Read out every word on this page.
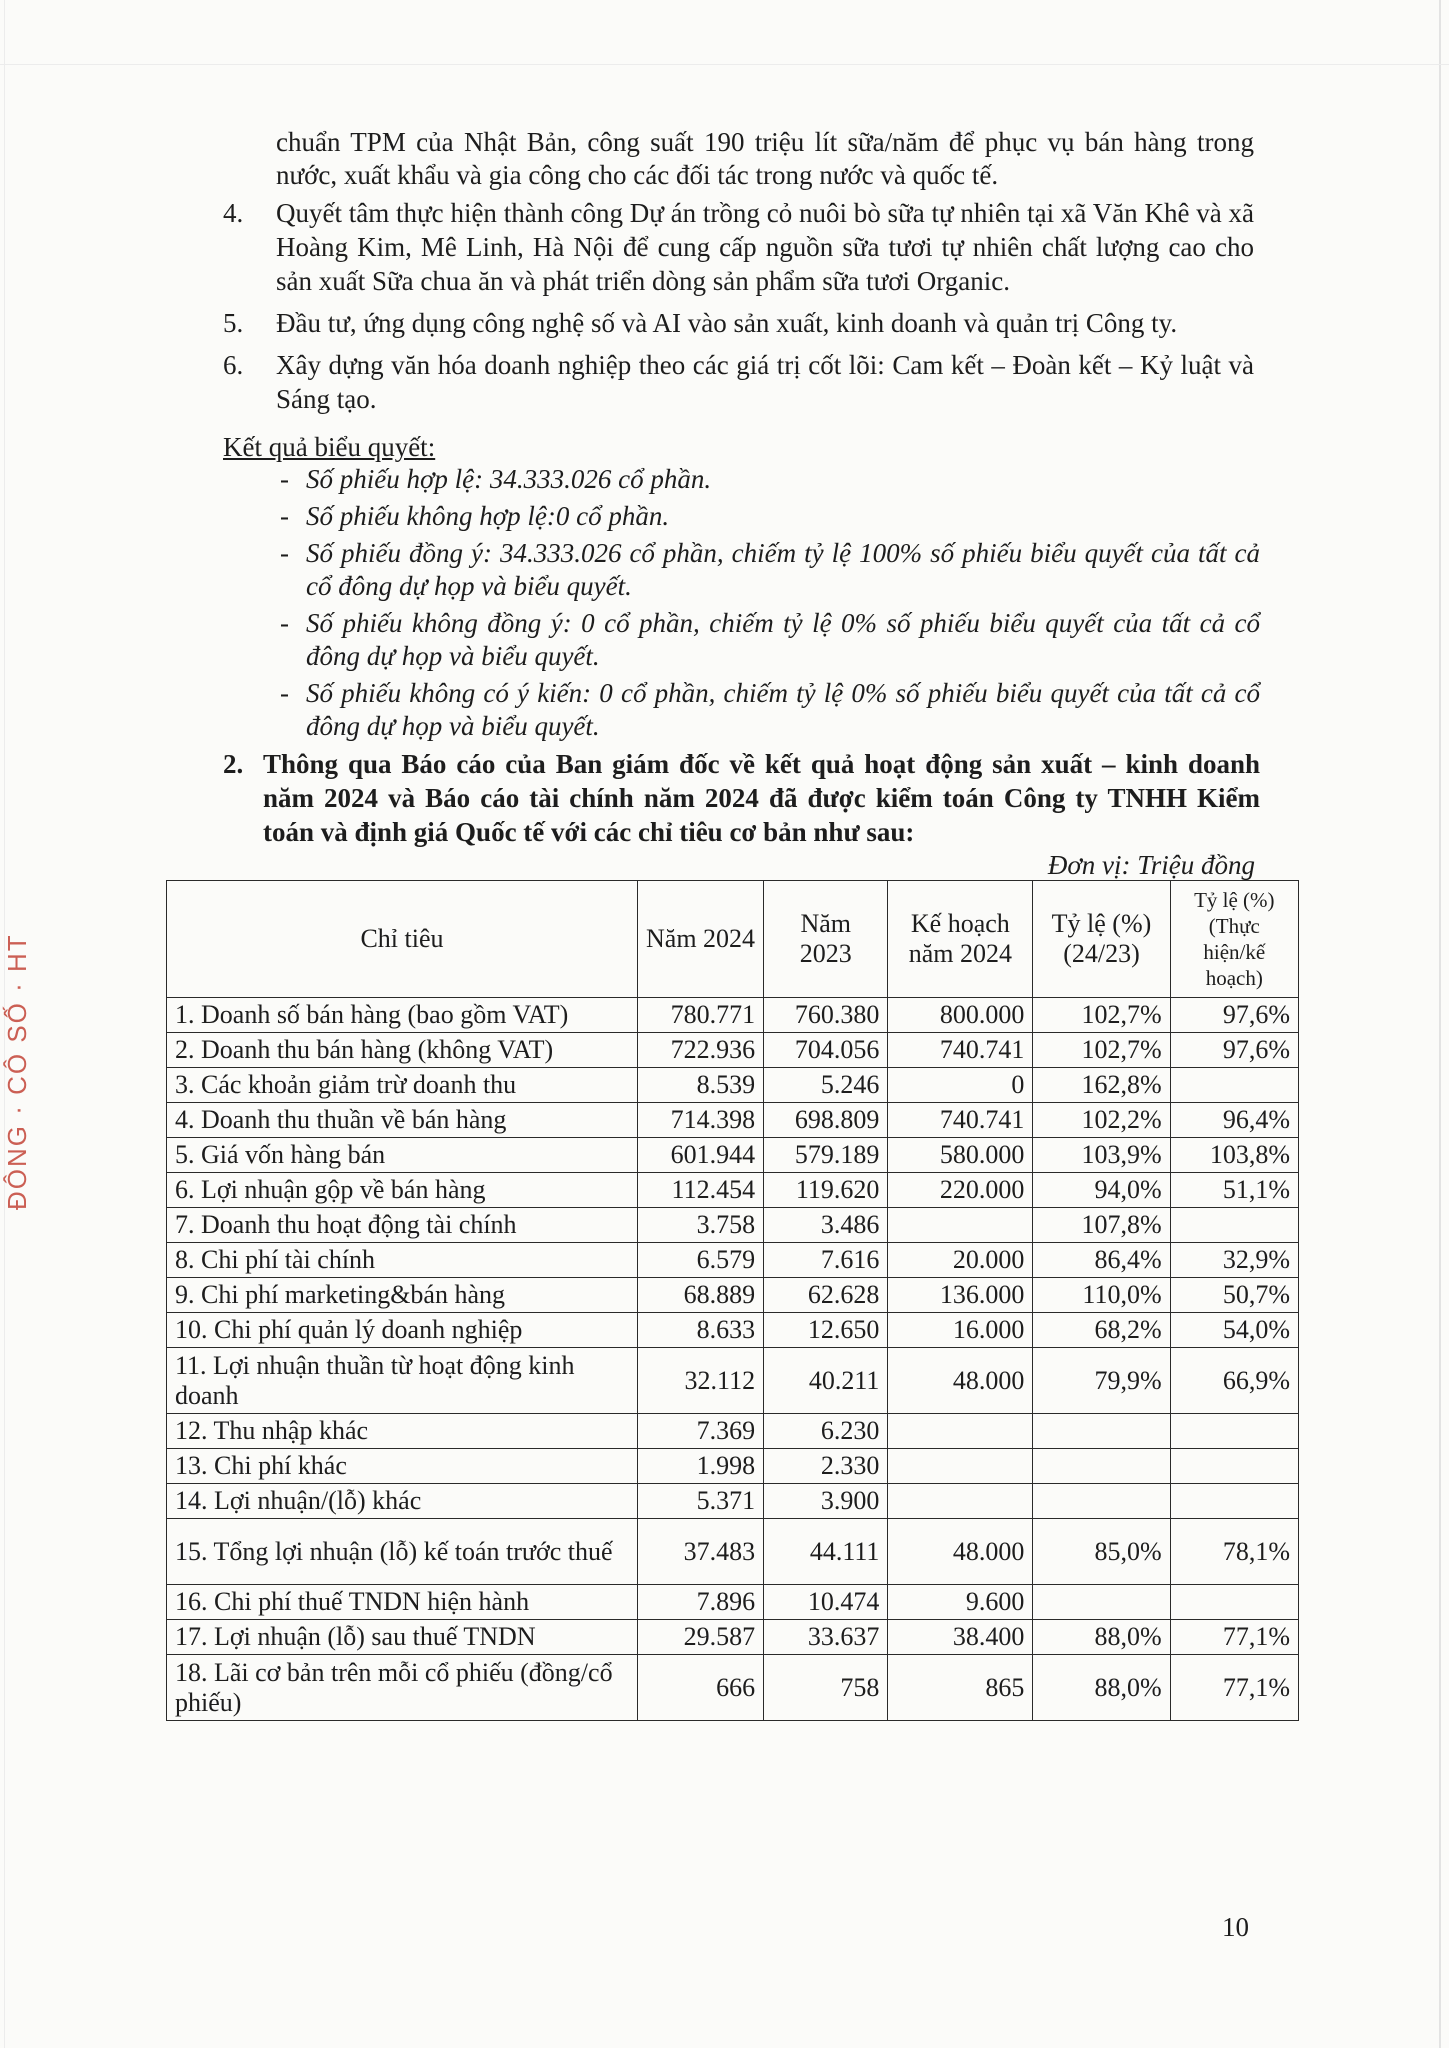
ĐÔNG · CÔ SỐ · HT
chuẩn TPM của Nhật Bản, công suất 190 triệu lít sữa/năm để phục vụ bán hàng trong nước, xuất khẩu và gia công cho các đối tác trong nước và quốc tế.
4. Quyết tâm thực hiện thành công Dự án trồng cỏ nuôi bò sữa tự nhiên tại xã Văn Khê và xã Hoàng Kim, Mê Linh, Hà Nội để cung cấp nguồn sữa tươi tự nhiên chất lượng cao cho sản xuất Sữa chua ăn và phát triển dòng sản phẩm sữa tươi Organic.
5. Đầu tư, ứng dụng công nghệ số và AI vào sản xuất, kinh doanh và quản trị Công ty.
6. Xây dựng văn hóa doanh nghiệp theo các giá trị cốt lõi: Cam kết – Đoàn kết – Kỷ luật và Sáng tạo.
Kết quả biểu quyết:
- Số phiếu hợp lệ: 34.333.026 cổ phần.
- Số phiếu không hợp lệ:0 cổ phần.
- Số phiếu đồng ý: 34.333.026 cổ phần, chiếm tỷ lệ 100% số phiếu biểu quyết của tất cả cổ đông dự họp và biểu quyết.
- Số phiếu không đồng ý: 0 cổ phần, chiếm tỷ lệ 0% số phiếu biểu quyết của tất cả cổ đông dự họp và biểu quyết.
- Số phiếu không có ý kiến: 0 cổ phần, chiếm tỷ lệ 0% số phiếu biểu quyết của tất cả cổ đông dự họp và biểu quyết.
2. Thông qua Báo cáo của Ban giám đốc về kết quả hoạt động sản xuất – kinh doanh năm 2024 và Báo cáo tài chính năm 2024 đã được kiểm toán Công ty TNHH Kiểm toán và định giá Quốc tế với các chỉ tiêu cơ bản như sau:
Đơn vị: Triệu đồng
Chỉ tiêu	Năm 2024	Năm 2023	Kế hoạch năm 2024	Tỷ lệ (%) (24/23)	Tỷ lệ (%) (Thực hiện/kế hoạch)
1. Doanh số bán hàng (bao gồm VAT)	780.771	760.380	800.000	102,7%	97,6%
2. Doanh thu bán hàng (không VAT)	722.936	704.056	740.741	102,7%	97,6%
3. Các khoản giảm trừ doanh thu	8.539	5.246	0	162,8%	
4. Doanh thu thuần về bán hàng	714.398	698.809	740.741	102,2%	96,4%
5. Giá vốn hàng bán	601.944	579.189	580.000	103,9%	103,8%
6. Lợi nhuận gộp về bán hàng	112.454	119.620	220.000	94,0%	51,1%
7. Doanh thu hoạt động tài chính	3.758	3.486		107,8%	
8. Chi phí tài chính	6.579	7.616	20.000	86,4%	32,9%
9. Chi phí marketing&bán hàng	68.889	62.628	136.000	110,0%	50,7%
10. Chi phí quản lý doanh nghiệp	8.633	12.650	16.000	68,2%	54,0%
11. Lợi nhuận thuần từ hoạt động kinh doanh	32.112	40.211	48.000	79,9%	66,9%
12. Thu nhập khác	7.369	6.230			
13. Chi phí khác	1.998	2.330			
14. Lợi nhuận/(lỗ) khác	5.371	3.900			
15. Tổng lợi nhuận (lỗ) kế toán trước thuế	37.483	44.111	48.000	85,0%	78,1%
16. Chi phí thuế TNDN hiện hành	7.896	10.474	9.600		
17. Lợi nhuận (lỗ) sau thuế TNDN	29.587	33.637	38.400	88,0%	77,1%
18. Lãi cơ bản trên mỗi cổ phiếu (đồng/cổ phiếu)	666	758	865	88,0%	77,1%
10
